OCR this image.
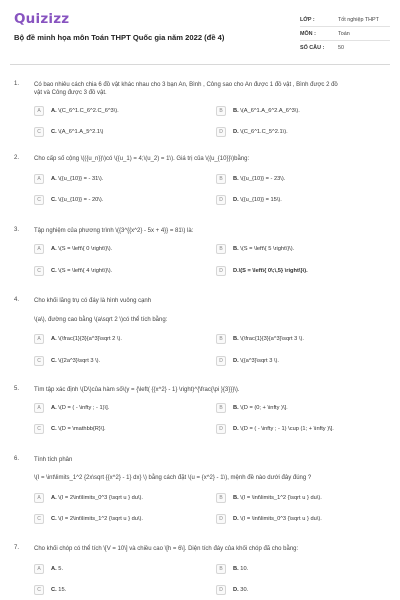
Quizizz
Bộ đề minh họa môn Toán THPT Quốc gia năm 2022 (đề 4)
LỚP :	Tốt nghiệp THPT
MÔN :	Toán
SỐ CÂU :	50
1. Có bao nhiêu cách chia 6 đồ vật khác nhau cho 3 bạn An, Bình , Công sao cho An được 1 đồ vật , Bình được 2 đồ
vật và Công được 3 đồ vật.
A	A. \(C_6^1.C_6^2.C_6^3\).	B	B. \(A_6^1.A_6^2.A_6^3\).
C	C. \(A_6^1.A_5^2.1\)	D	D. \(C_6^1.C_5^2.1\).
2. Cho cấp số cộng \(({u_n})\)có \({u_1) = 4;\(u_2) = 1\). Giá trị của \({u_{10}}\)bằng:
A	A. \({u_{10}} = - 31\).	B	B. \({u_{10}} = - 23\).
C	C. \({u_{10}} = - 20\).	D	D. \({u_{10}} = 15\).
3. Tập nghiệm của phương trình \({3^{{x^2} - 5x + 4}} = 81\) là:
A	A. \(S = \left\{ 0 \right\}\).	B	B. \(S = \left\{ 5 \right\}\).
C	C. \(S = \left\{ 4 \right\}\).	D	D.\(S = \left\{ 0\;\,5} \right\}\).
4. Cho khối lăng trụ có đáy là hình vuông cạnh
\(a\), đường cao bằng \(a\sqrt 2 \)có thể tích bằng:
A	A. \(\frac{1}{3}{a^3}\sqrt 2 \).	B	B. \(\frac{1}{3}{a^3}\sqrt 3 \).
C	C. \({2a^3}\sqrt 3 \).	D	D. \({a^3}\sqrt 3 \).
5. Tìm tập xác định \(D\)của hàm số\(y = {\left( {{x^2} - 1} \right)^{\frac{\pi }{3}}}\).
A	A. \(D = ( - \infty ; - 1)\].	B	B. \(D = (0; + \infty )\].
C	C. \(D = \mathbb{R}\].	D	D. \(D = ( - \infty ; - 1) \cup (1; + \infty )\].
6. Tính tích phân
\(I = \int\limits_1^2 {2x\sqrt {{x^2} - 1} dx} \) bằng cách đặt \(u = {x^2} - 1\), mệnh đề nào dưới đây đúng ?
A	A. \(I = 2\int\limits_0^3 {\sqrt u } du\).	B	B. \(I = \int\limits_1^2 {\sqrt u } du\).
C	C. \(I = 2\int\limits_1^2 {\sqrt u } du\).	D	D. \(I = \int\limits_0^3 {\sqrt u } du\).
7. Cho khối chóp có thể tích \[V = 10\] và chiều cao \[h = 6\]. Diện tích đáy của khối chóp đã cho bằng:
A	A. 5.	B	B. 10.
C	C. 15.	D	D. 30.
